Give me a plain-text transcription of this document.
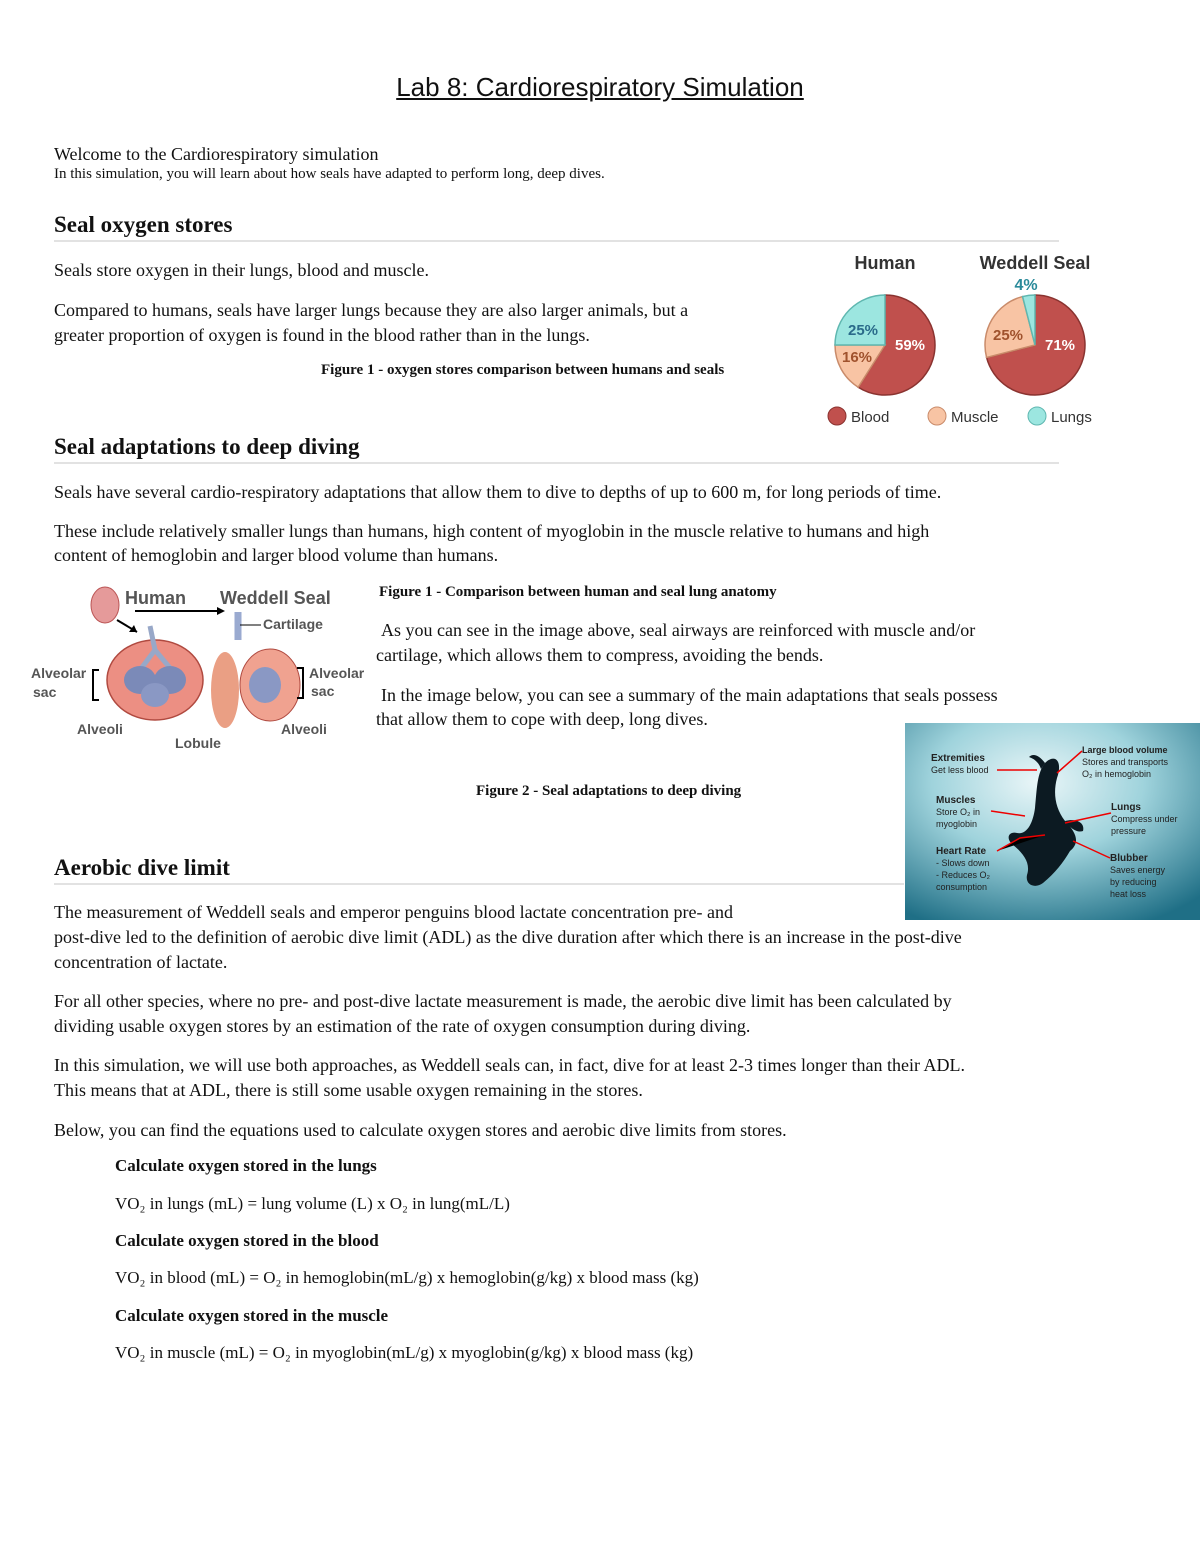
Lab 8: Cardiorespiratory Simulation
Welcome to the Cardiorespiratory simulation
In this simulation, you will learn about how seals have adapted to perform long, deep dives.
Seal oxygen stores

Seals store oxygen in their lungs, blood and muscle.

Compared to humans, seals have larger lungs because they are also larger animals, but a

greater proportion of oxygen is found in the blood rather than in the lungs.

Figure 1 - oxygen stores comparison between humans and seals
Human	Weddell Seal
59%
25%
16%
71%
25%
4%
Blood	Muscle	Lungs
Seal adaptations to deep diving

Seals have several cardio-respiratory adaptations that allow them to dive to depths of up to 600 m, for long periods of time.

These include relatively smaller lungs than humans, high content of myoglobin in the muscle relative to humans and high

content of hemoglobin and larger blood volume than humans.

Human Weddell Seal
Cartilage
Alveolar
sac
Alveolar
sac
Alveoli
Lobule
Alveoli
Figure 1 - Comparison between human and seal lung anatomy

As you can see in the image above, seal airways are reinforced with muscle and/or

cartilage, which allows them to compress, avoiding the bends.

In the image below, you can see a summary of the main adaptations that seals possess

that allow them to cope with deep, long dives.

Figure 2 - Seal adaptations to deep diving
Extremities
Get less blood
Muscles
Store O₂ in
myoglobin
Heart Rate
- Slows down
- Reduces O₂
consumption
Large blood volume
Stores and transports
O₂ in hemoglobin
Lungs
Compress under
pressure
Blubber
Saves energy
by reducing
heat loss
Aerobic dive limit

The measurement of Weddell seals and emperor penguins blood lactate concentration pre- and

post-dive led to the definition of aerobic dive limit (ADL) as the dive duration after which there is an increase in the post-dive

concentration of lactate.

For all other species, where no pre- and post-dive lactate measurement is made, the aerobic dive limit has been calculated by

dividing usable oxygen stores by an estimation of the rate of oxygen consumption during diving.

In this simulation, we will use both approaches, as Weddell seals can, in fact, dive for at least 2-3 times longer than their ADL.

This means that at ADL, there is still some usable oxygen remaining in the stores.

Below, you can find the equations used to calculate oxygen stores and aerobic dive limits from stores.

Calculate oxygen stored in the lungs
VO₂ in lungs (mL) = lung volume (L) x O₂ in lung(mL/L)
Calculate oxygen stored in the blood
VO₂ in blood (mL) = O₂ in hemoglobin(mL/g) x hemoglobin(g/kg) x blood mass (kg)
Calculate oxygen stored in the muscle
VO₂ in muscle (mL) = O₂ in myoglobin(mL/g) x myoglobin(g/kg) x blood mass (kg)
